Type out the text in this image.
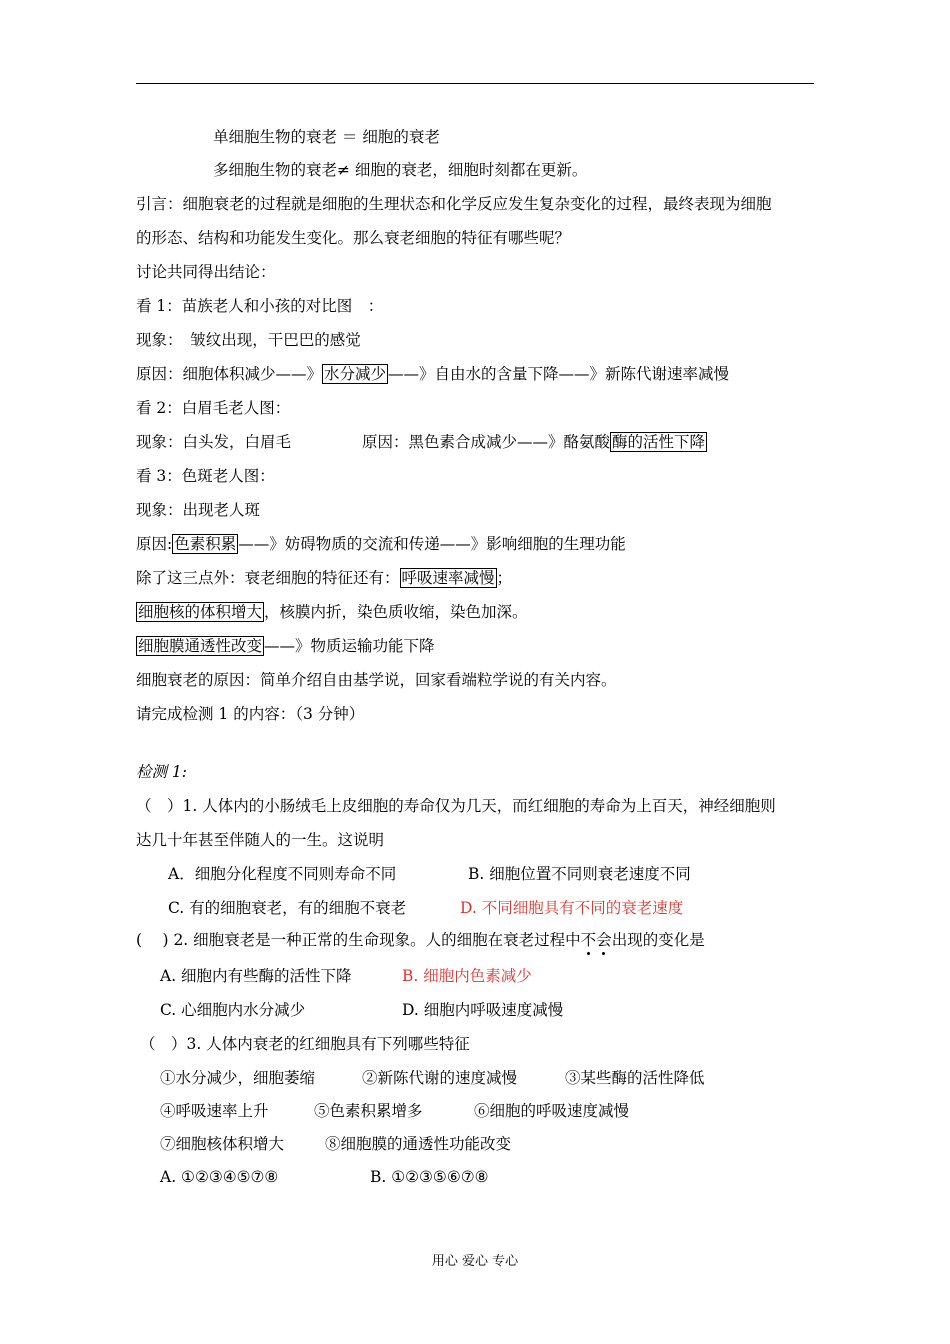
单细胞生物的衰老 ＝ 细胞的衰老
多细胞生物的衰老≠ 细胞的衰老，细胞时刻都在更新。
引言：细胞衰老的过程就是细胞的生理状态和化学反应发生复杂变化的过程，最终表现为细胞
的形态、结构和功能发生变化。那么衰老细胞的特征有哪些呢？
讨论共同得出结论：
看 1：苗族老人和小孩的对比图　：
现象：　皱纹出现，干巴巴的感觉
原因：细胞体积减少——》 水分减少 ——》自由水的含量下降——》新陈代谢速率减慢
看 2：白眉毛老人图：
现象：白头发，白眉毛	原因：黑色素合成减少——》酪氨酸 酶的活性下降
看 3：色斑老人图：
现象：出现老人斑
原因: 色素积累 ——》妨碍物质的交流和传递——》影响细胞的生理功能
除了这三点外：衰老细胞的特征还有： 呼吸速率减慢 ；
细胞核的体积增大 ，核膜内折，染色质收缩，染色加深。
细胞膜通透性改变 ——》物质运输功能下降
细胞衰老的原因：简单介绍自由基学说，回家看端粒学说的有关内容。
请完成检测 1 的内容：（3 分钟）
检测 1:
（　）1. 人体内的小肠绒毛上皮细胞的寿命仅为几天，而红细胞的寿命为上百天，神经细胞则
达几十年甚至伴随人的一生。这说明
A．细胞分化程度不同则寿命不同	B. 细胞位置不同则衰老速度不同
C. 有的细胞衰老，有的细胞不衰老	D. 不同细胞具有不同的衰老速度
(　 ) 2. 细胞衰老是一种正常的生命现象。人的细胞在衰老过程中不会出现的变化是
A. 细胞内有些酶的活性下降	B. 细胞内色素减少
C. 心细胞内水分减少	D. 细胞内呼吸速度减慢
（　）3. 人体内衰老的红细胞具有下列哪些特征
①水分减少，细胞萎缩	②新陈代谢的速度减慢	③某些酶的活性降低
④呼吸速率上升	⑤色素积累增多	⑥细胞的呼吸速度减慢
⑦细胞核体积增大	⑧细胞膜的通透性功能改变
A. ①②③④⑤⑦⑧	B. ①②③⑤⑥⑦⑧
用心 爱心 专心
